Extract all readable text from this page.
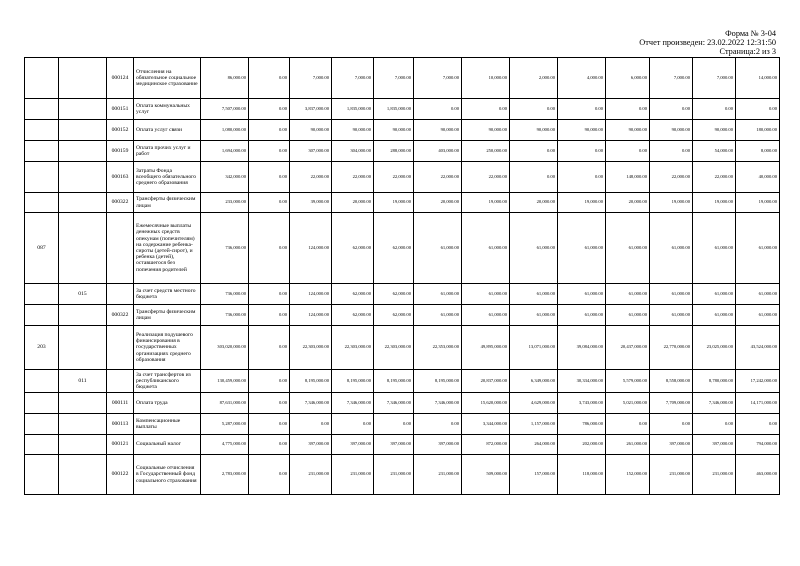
Форма № 3-04
Отчет произведен: 23.02.2022 12:31:50
Страница:2 из 3
		000124	Отчисления на обязательное социальное медицинское страхование	86,000.00	0.00	7,000.00	7,000.00	7,000.00	7,000.00	10,000.00	2,000.00	4,000.00	6,000.00	7,000.00	7,000.00	14,000.00
		000151	Оплата коммунальных услуг	7,507,000.00	0.00	3,837,000.00	1,835,000.00	1,835,000.00	0.00	0.00	0.00	0.00	0.00	0.00	0.00	0.00
		000152	Оплата услуг связи	1,080,000.00	0.00	90,000.00	90,000.00	90,000.00	90,000.00	90,000.00	90,000.00	90,000.00	90,000.00	90,000.00	90,000.00	180,000.00
		000159	Оплата прочих услуг и работ	1,694,000.00	0.00	307,000.00	304,000.00	288,000.00	403,000.00	250,000.00	0.00	0.00	0.00	0.00	54,000.00	8,000.00
		000163	Затраты Фонда всеобщего обязательного среднего образования	342,000.00	0.00	22,000.00	22,000.00	22,000.00	22,000.00	22,000.00	0.00	0.00	148,000.00	22,000.00	22,000.00	40,000.00
		000322	Трансферты физическим лицам	233,000.00	0.00	39,000.00	20,000.00	19,000.00	20,000.00	19,000.00	20,000.00	19,000.00	20,000.00	19,000.00	19,000.00	19,000.00
087			Ежемесячные выплаты денежных средств опекунам (попечителям) на содержание ребенка-сироты (детей-сирот), и ребенка (детей), оставшегося без попечения родителей	736,000.00	0.00	124,000.00	62,000.00	62,000.00	61,000.00	61,000.00	61,000.00	61,000.00	61,000.00	61,000.00	61,000.00	61,000.00
	015		За счет средств местного бюджета	736,000.00	0.00	124,000.00	62,000.00	62,000.00	61,000.00	61,000.00	61,000.00	61,000.00	61,000.00	61,000.00	61,000.00	61,000.00
		000322	Трансферты физическим лицам	736,000.00	0.00	124,000.00	62,000.00	62,000.00	61,000.00	61,000.00	61,000.00	61,000.00	61,000.00	61,000.00	61,000.00	61,000.00
203			Реализация подушевого финансирования в государственных организациях среднего образования	303,020,000.00	0.00	22,303,000.00	22,303,000.00	22,303,000.00	22,353,000.00	49,895,000.00	13,071,000.00	39,084,000.00	20,437,000.00	22,770,000.00	23,025,000.00	43,524,000.00
	011		За счет трансфертов из республиканского бюджета	130,459,000.00	0.00	8,195,000.00	8,195,000.00	8,195,000.00	8,195,000.00	20,837,000.00	6,349,000.00	30,334,000.00	5,579,000.00	8,558,000.00	8,780,000.00	17,242,000.00
		000111	Оплата труда	87,631,000.00	0.00	7,346,000.00	7,346,000.00	7,346,000.00	7,346,000.00	15,620,000.00	4,629,000.00	3,743,000.00	5,021,000.00	7,709,000.00	7,346,000.00	14,171,000.00
		000113	Компенсационные выплаты	5,287,000.00	0.00	0.00	0.00	0.00	0.00	3,344,000.00	1,157,000.00	786,000.00	0.00	0.00	0.00	0.00
		000121	Социальный налог	4,775,000.00	0.00	397,000.00	397,000.00	397,000.00	397,000.00	872,000.00	264,000.00	202,000.00	261,000.00	397,000.00	397,000.00	794,000.00
		000122	Социальные отчисления в Государственный фонд социального страхования	2,783,000.00	0.00	231,000.00	231,000.00	231,000.00	231,000.00	509,000.00	157,000.00	118,000.00	152,000.00	231,000.00	231,000.00	463,000.00
